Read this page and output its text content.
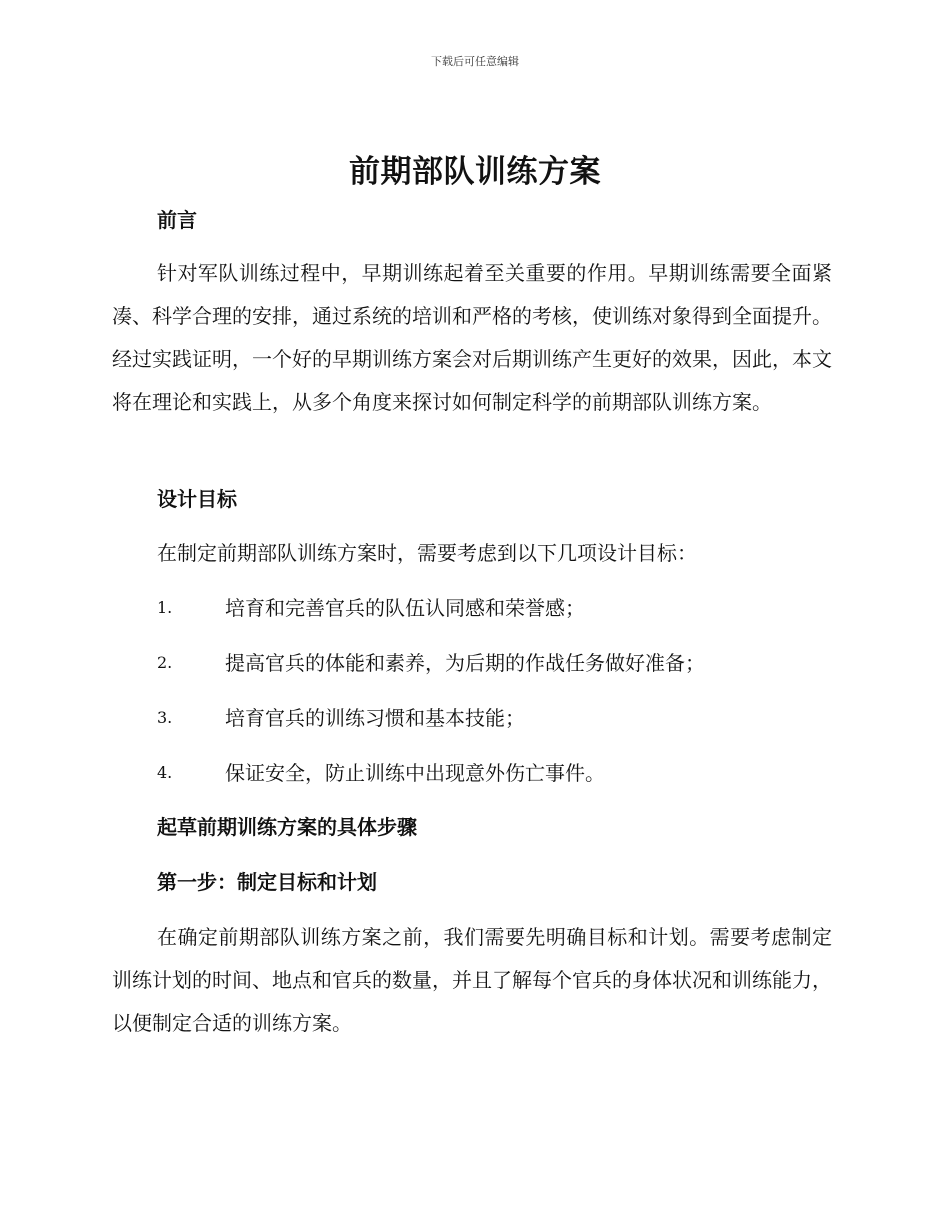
下载后可任意编辑
前期部队训练方案
前言

针对军队训练过程中，早期训练起着至关重要的作用。早期训练需要全面紧凑、科学合理的安排，通过系统的培训和严格的考核，使训练对象得到全面提升。经过实践证明，一个好的早期训练方案会对后期训练产生更好的效果，因此，本文将在理论和实践上，从多个角度来探讨如何制定科学的前期部队训练方案。

设计目标

在制定前期部队训练方案时，需要考虑到以下几项设计目标：

1.	培育和完善官兵的队伍认同感和荣誉感；
2.	提高官兵的体能和素养，为后期的作战任务做好准备；
3.	培育官兵的训练习惯和基本技能；
4.	保证安全，防止训练中出现意外伤亡事件。
起草前期训练方案的具体步骤
第一步：制定目标和计划

在确定前期部队训练方案之前，我们需要先明确目标和计划。需要考虑制定训练计划的时间、地点和官兵的数量，并且了解每个官兵的身体状况和训练能力，以便制定合适的训练方案。
